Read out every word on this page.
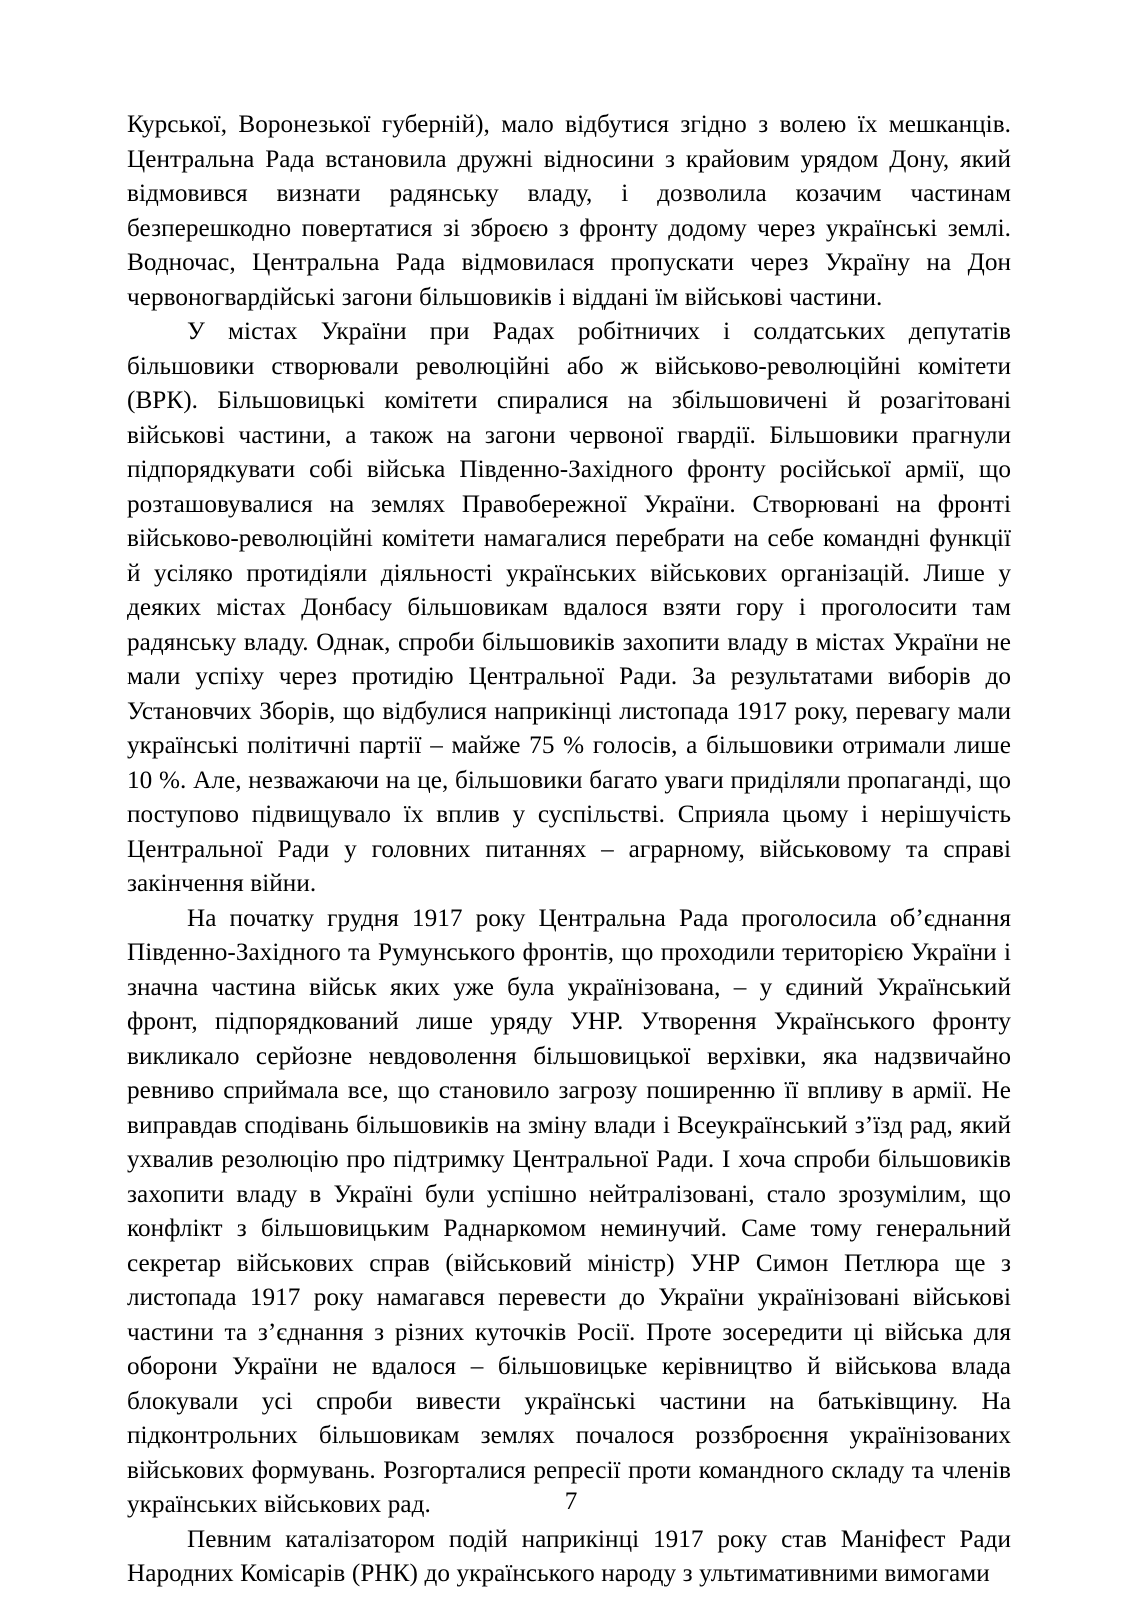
Курської, Воронезької губерній), мало відбутися згідно з волею їх мешканців. Центральна Рада встановила дружні відносини з крайовим урядом Дону, який відмовився визнати радянську владу, і дозволила козачим частинам безперешкодно повертатися зі зброєю з фронту додому через українські землі. Водночас, Центральна Рада відмовилася пропускати через Україну на Дон червоногвардійські загони більшовиків і віддані їм військові частини.

У містах України при Радах робітничих і солдатських депутатів більшовики створювали революційні або ж військово-революційні комітети (ВРК). Більшовицькі комітети спиралися на збільшовичені й розагітовані військові частини, а також на загони червоної гвардії. Більшовики прагнули підпорядкувати собі війська Південно-Західного фронту російської армії, що розташовувалися на землях Правобережної України. Створювані на фронті військово-революційні комітети намагалися перебрати на себе командні функції й усіляко протидіяли діяльності українських військових організацій. Лише у деяких містах Донбасу більшовикам вдалося взяти гору і проголосити там радянську владу. Однак, спроби більшовиків захопити владу в містах України не мали успіху через протидію Центральної Ради. За результатами виборів до Установчих Зборів, що відбулися наприкінці листопада 1917 року, перевагу мали українські політичні партії – майже 75 % голосів, а більшовики отримали лише 10 %. Але, незважаючи на це, більшовики багато уваги приділяли пропаганді, що поступово підвищувало їх вплив у суспільстві. Сприяла цьому і нерішучість Центральної Ради у головних питаннях – аграрному, військовому та справі закінчення війни.

На початку грудня 1917 року Центральна Рада проголосила об’єднання Південно-Західного та Румунського фронтів, що проходили територією України і значна частина військ яких уже була українізована, – у єдиний Український фронт, підпорядкований лише уряду УНР. Утворення Українського фронту викликало серйозне невдоволення більшовицької верхівки, яка надзвичайно ревниво сприймала все, що становило загрозу поширенню її впливу в армії. Не виправдав сподівань більшовиків на зміну влади і Всеукраїнський з’їзд рад, який ухвалив резолюцію про підтримку Центральної Ради. І хоча спроби більшовиків захопити владу в Україні були успішно нейтралізовані, стало зрозумілим, що конфлікт з більшовицьким Раднаркомом неминучий. Саме тому генеральний секретар військових справ (військовий міністр) УНР Симон Петлюра ще з листопада 1917 року намагався перевести до України українізовані військові частини та з’єднання з різних куточків Росії. Проте зосередити ці війська для оборони України не вдалося – більшовицьке керівництво й військова влада блокували усі спроби вивести українські частини на батьківщину. На підконтрольних більшовикам землях почалося роззброєння українізованих військових формувань. Розгорталися репресії проти командного складу та членів українських військових рад.

Певним каталізатором подій наприкінці 1917 року став Маніфест Ради Народних Комісарів (РНК) до українського народу з ультимативними вимогами

7
